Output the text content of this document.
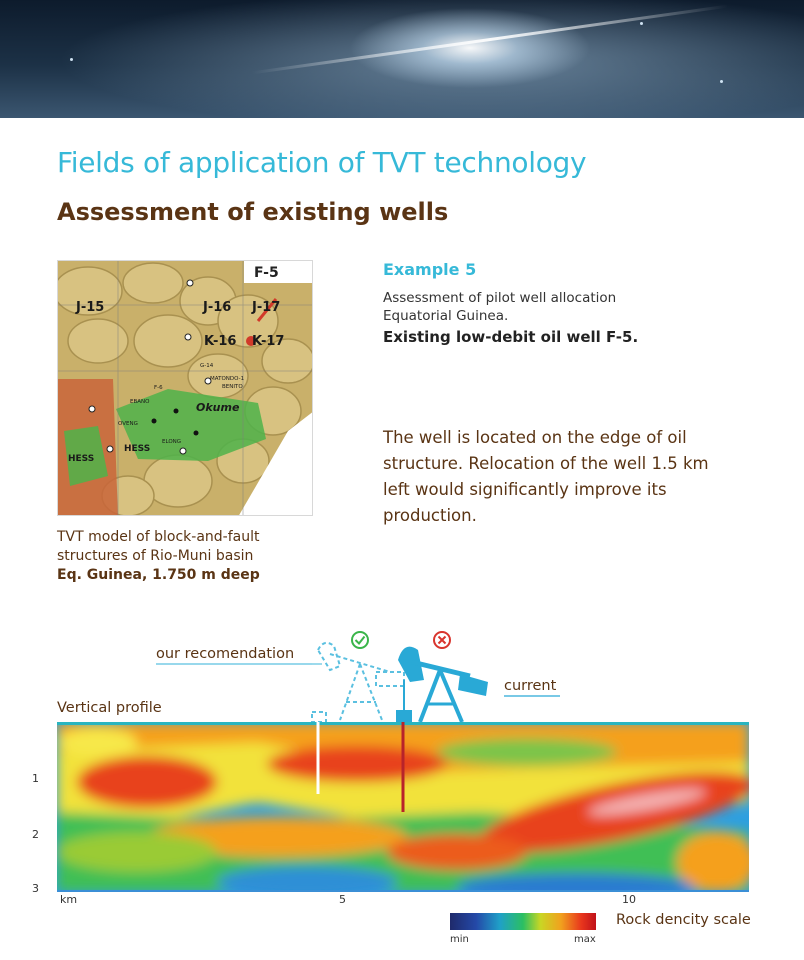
Fields of application of TVT technology
Assessment of existing wells
J-15	J-16 J-17
K-16 K-17
Okume
HESS
HESS
MATONDO-1
BENITO
G-14
F-6
EBANO
ELONG
OVENG
F-5
TVT model of block-and-fault
structures of Rio-Muni basin
Eq. Guinea, 1.750 m deep
Example 5
Assessment of pilot well allocation
Equatorial Guinea.
Existing low-debit oil well F-5.
The well is located on the edge of oil structure. Relocation of the well 1.5 km left would significantly improve its production.
our recomendation
current
Vertical profile
1
2
3
km	5	10
min	max
Rock dencity scale
